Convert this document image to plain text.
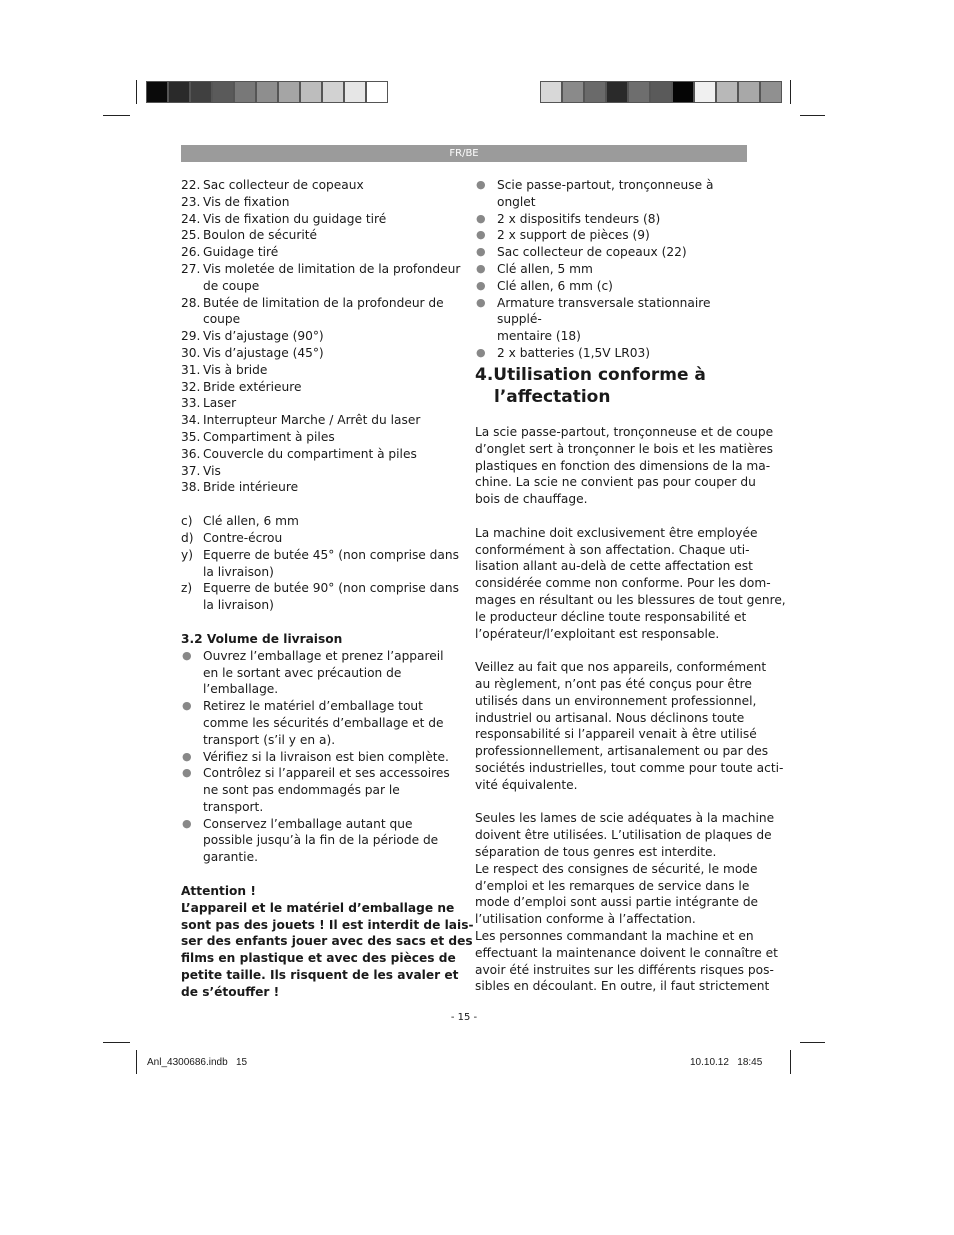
FR/BE
22. Sac collecteur de copeaux
23. Vis de fixation
24. Vis de fixation du guidage tiré
25. Boulon de sécurité
26. Guidage tiré
27. Vis moletée de limitation de la profondeur de coupe
28. Butée de limitation de la profondeur de coupe
29. Vis d’ajustage (90°)
30. Vis d’ajustage (45°)
31. Vis à bride
32. Bride extérieure
33. Laser
34. Interrupteur Marche / Arrêt du laser
35. Compartiment à piles
36. Couvercle du compartiment à piles
37. Vis
38. Bride intérieure
c) Clé allen, 6 mm
d) Contre-écrou
y) Equerre de butée 45° (non comprise dans la livraison)
z) Equerre de butée 90° (non comprise dans la livraison)

3.2 Volume de livraison

● Ouvrez l’emballage et prenez l’appareil en le sortant avec précaution de l’emballage.
● Retirez le matériel d’emballage tout comme les sécurités d’emballage et de transport (s’il y en a).
● Vérifiez si la livraison est bien complète.
● Contrôlez si l’appareil et ses accessoires ne sont pas endommagés par le transport.
● Conservez l’emballage autant que possible jusqu’à la fin de la période de garantie.

Attention !

L’appareil et le matériel d’emballage ne
sont pas des jouets ! Il est interdit de lais-
ser des enfants jouer avec des sacs et des
films en plastique et avec des pièces de
petite taille. Ils risquent de les avaler et
de s’étouffer !
● Scie passe-partout, tronçonneuse à onglet
● 2 x dispositifs tendeurs (8)
● 2 x support de pièces (9)
● Sac collecteur de copeaux (22)
● Clé allen, 5 mm
● Clé allen, 6 mm (c)
● Armature transversale stationnaire supplé-
mentaire (18)
● 2 x batteries (1,5V LR03)
4.Utilisation conforme à
l’affectation
La scie passe-partout, tronçonneuse et de coupe
d’onglet sert à tronçonner le bois et les matières
plastiques en fonction des dimensions de la ma-
chine. La scie ne convient pas pour couper du
bois de chauffage.
La machine doit exclusivement être employée
conformément à son affectation. Chaque uti-
lisation allant au-delà de cette affectation est
considérée comme non conforme. Pour les dom-
mages en résultant ou les blessures de tout genre,
le producteur décline toute responsabilité et
l’opérateur/l’exploitant est responsable.
Veillez au fait que nos appareils, conformément
au règlement, n’ont pas été conçus pour être
utilisés dans un environnement professionnel,
industriel ou artisanal. Nous déclinons toute
responsabilité si l’appareil venait à être utilisé
professionnellement, artisanalement ou par des
sociétés industrielles, tout comme pour toute acti-
vité équivalente.
Seules les lames de scie adéquates à la machine
doivent être utilisées. L’utilisation de plaques de
séparation de tous genres est interdite.
Le respect des consignes de sécurité, le mode
d’emploi et les remarques de service dans le
mode d’emploi sont aussi partie intégrante de
l’utilisation conforme à l’affectation.
Les personnes commandant la machine et en
effectuant la maintenance doivent le connaître et
avoir été instruites sur les différents risques pos-
sibles en découlant. En outre, il faut strictement
- 15 -
Anl_4300686.indb   15	10.10.12   18:45
